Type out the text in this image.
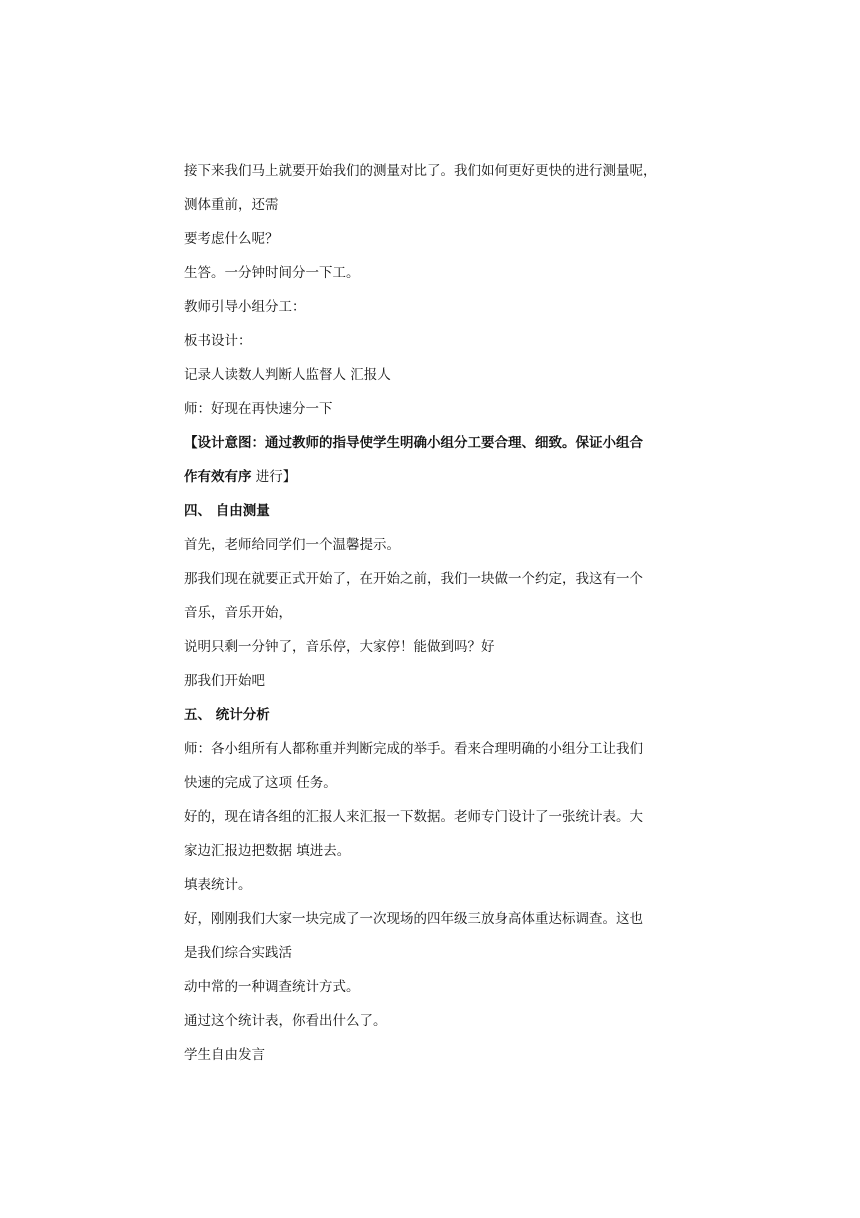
接下来我们马上就要开始我们的测量对比了。我们如何更好更快的进行测量呢，
测体重前，还需
要考虑什么呢？
生答。一分钟时间分一下工。
教师引导小组分工：
板书设计：
记录人读数人判断人监督人 汇报人
师：好现在再快速分一下
【设计意图：通过教师的指导使学生明确小组分工要合理、细致。保证小组合
作有效有序 进行】
四、 自由测量
首先，老师给同学们一个温馨提示。
那我们现在就要正式开始了，在开始之前，我们一块做一个约定，我这有一个
音乐，音乐开始，
说明只剩一分钟了，音乐停，大家停！能做到吗？好
那我们开始吧
五、 统计分析
师：各小组所有人都称重并判断完成的举手。看来合理明确的小组分工让我们
快速的完成了这项 任务。
好的，现在请各组的汇报人来汇报一下数据。老师专门设计了一张统计表。大
家边汇报边把数据 填进去。
填表统计。
好，刚刚我们大家一块完成了一次现场的四年级三放身高体重达标调查。这也
是我们综合实践活
动中常的一种调查统计方式。
通过这个统计表，你看出什么了。
学生自由发言
